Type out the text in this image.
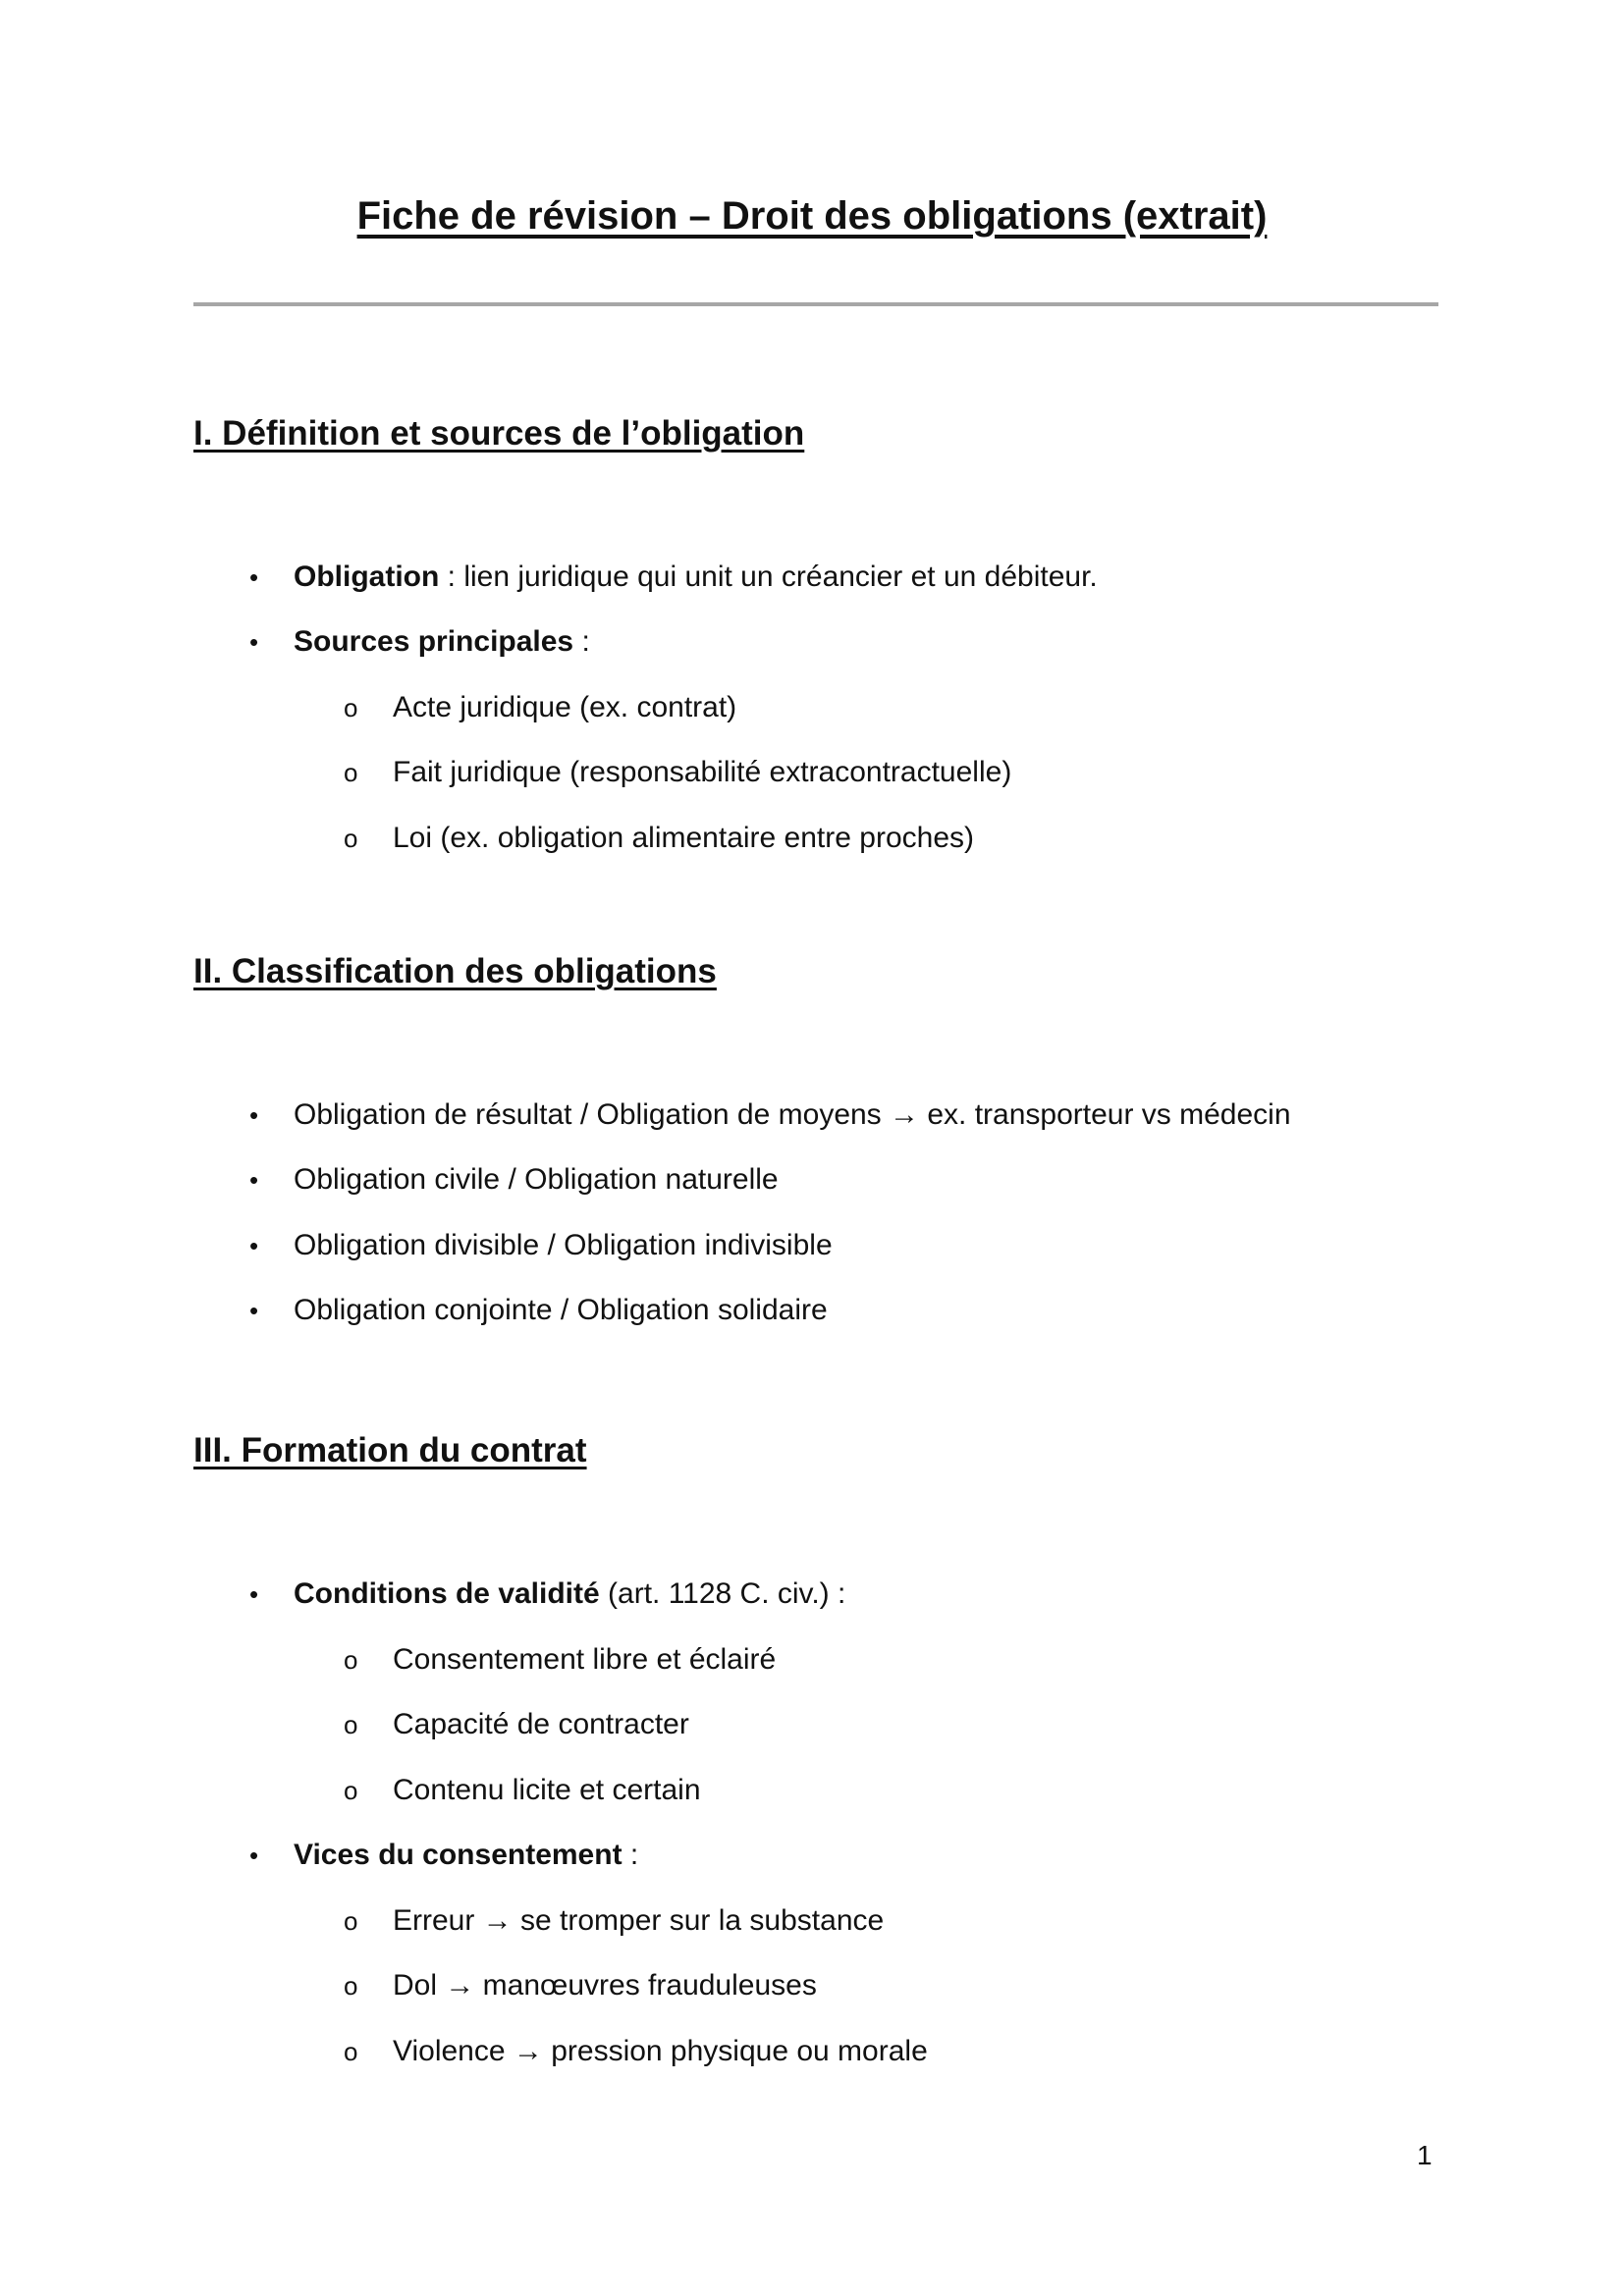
Fiche de révision – Droit des obligations (extrait)
I. Définition et sources de l’obligation
• Obligation : lien juridique qui unit un créancier et un débiteur.
• Sources principales :
o Acte juridique (ex. contrat)
o Fait juridique (responsabilité extracontractuelle)
o Loi (ex. obligation alimentaire entre proches)
II. Classification des obligations
• Obligation de résultat / Obligation de moyens → ex. transporteur vs médecin
• Obligation civile / Obligation naturelle
• Obligation divisible / Obligation indivisible
• Obligation conjointe / Obligation solidaire
III. Formation du contrat
• Conditions de validité (art. 1128 C. civ.) :
o Consentement libre et éclairé
o Capacité de contracter
o Contenu licite et certain
• Vices du consentement :
o Erreur → se tromper sur la substance
o Dol → manœuvres frauduleuses
o Violence → pression physique ou morale
1
